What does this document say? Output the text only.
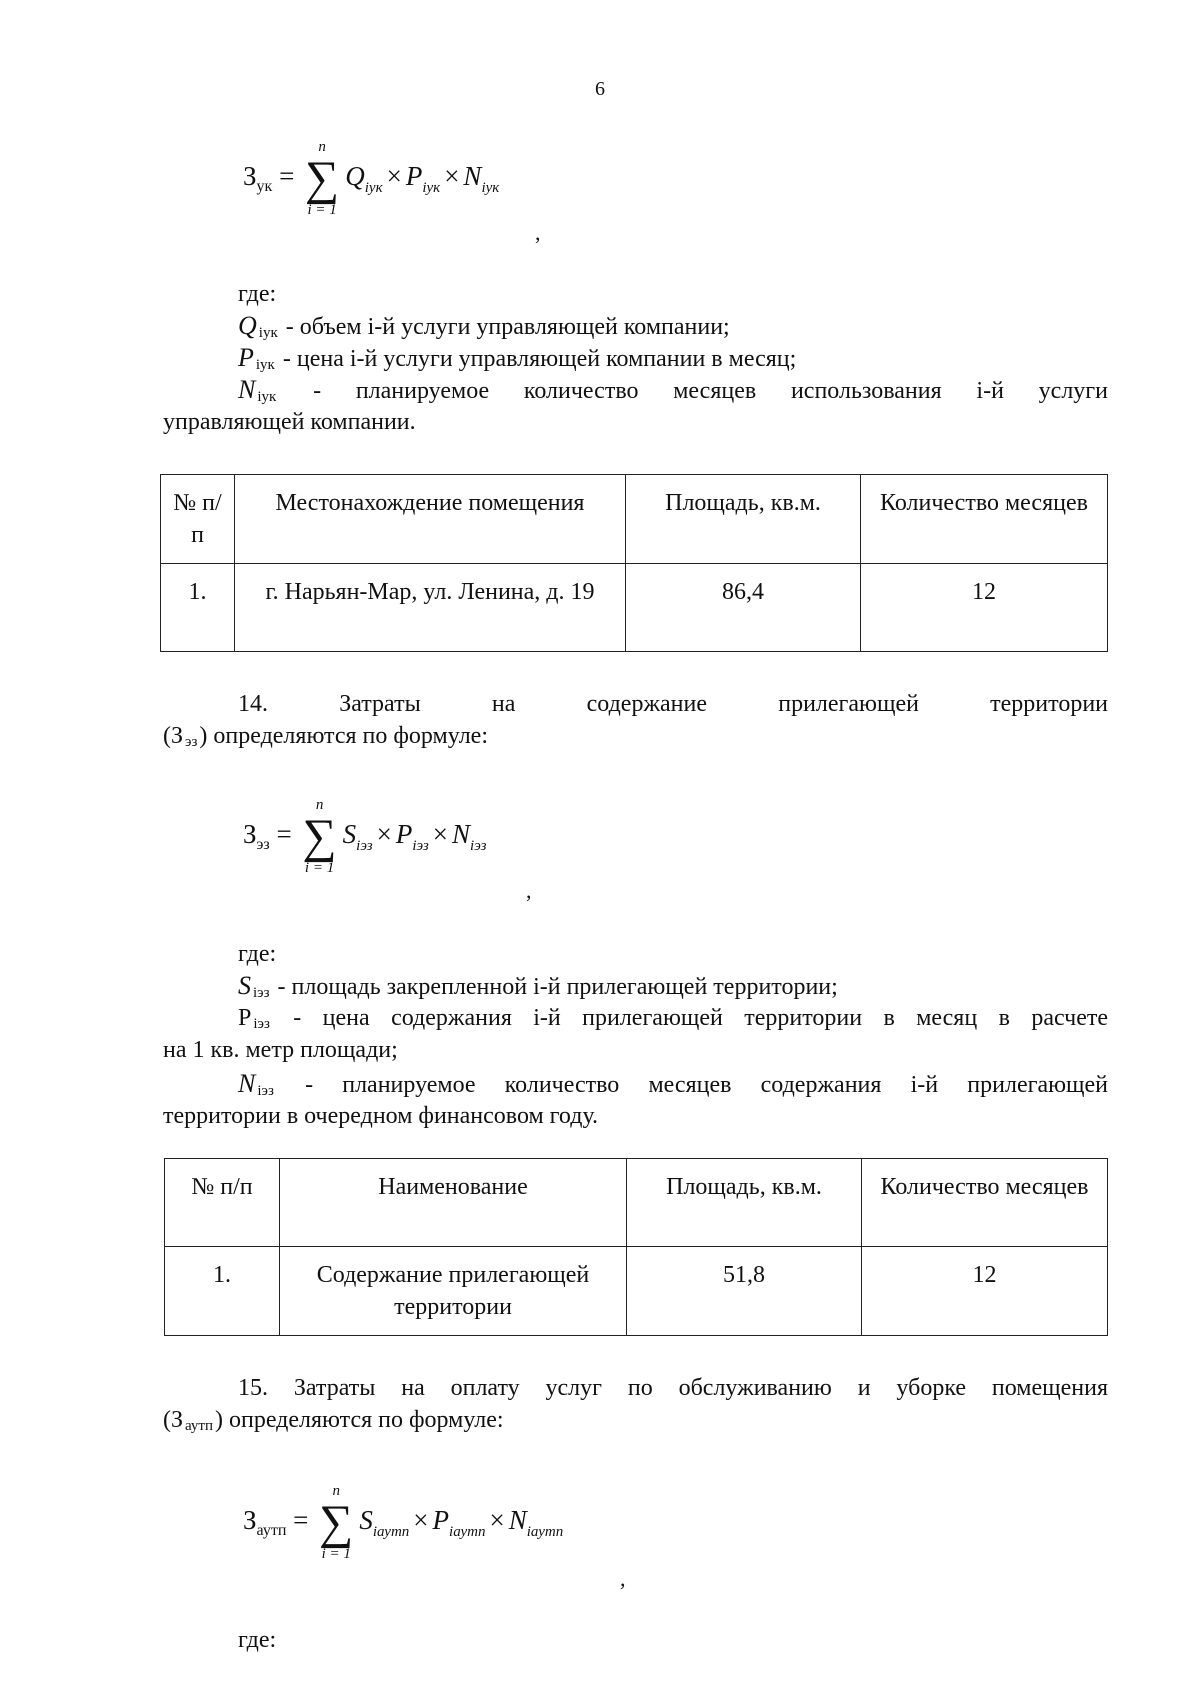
6
$З_{ук}$ =
n
∑
i = 1
$Q_{iук} \times P_{iук} \times N_{iук}$
,
где:
Q $_{iук}$ - объем i-й услуги управляющей компании;
P $_{iук}$ - цена i-й услуги управляющей компании в месяц;
N $_{iук}$ - планируемое количество месяцев использования i-й услуги
управляющей компании.
№ п/п	Местонахождение помещения	Площадь, кв.м.	Количество месяцев
1.	г. Нарьян-Мар, ул. Ленина, д. 19	86,4	12
14. Затраты на содержание прилегающей территории
(З $_{эз}$) определяются по формуле:
$З_{эз}$ =
n
∑
i = 1
$S_{iэз} \times P_{iэз} \times N_{iэз}$
,
где:
S $_{iэз}$ - площадь закрепленной i-й прилегающей территории;
P $_{iэз}$ - цена содержания i-й прилегающей территории в месяц в расчете
на 1 кв. метр площади;
N $_{iэз}$ - планируемое количество месяцев содержания i-й прилегающей
территории в очередном финансовом году.
№ п/п	Наименование	Площадь, кв.м.	Количество месяцев
1.	Содержание прилегающей территории	51,8	12
15. Затраты на оплату услуг по обслуживанию и уборке помещения
(З $_{аутп}$) определяются по формуле:
$З_{аутп}$ =
n
∑
i = 1
$S_{iаутп} \times P_{iаутп} \times N_{iаутп}$
,
где:
